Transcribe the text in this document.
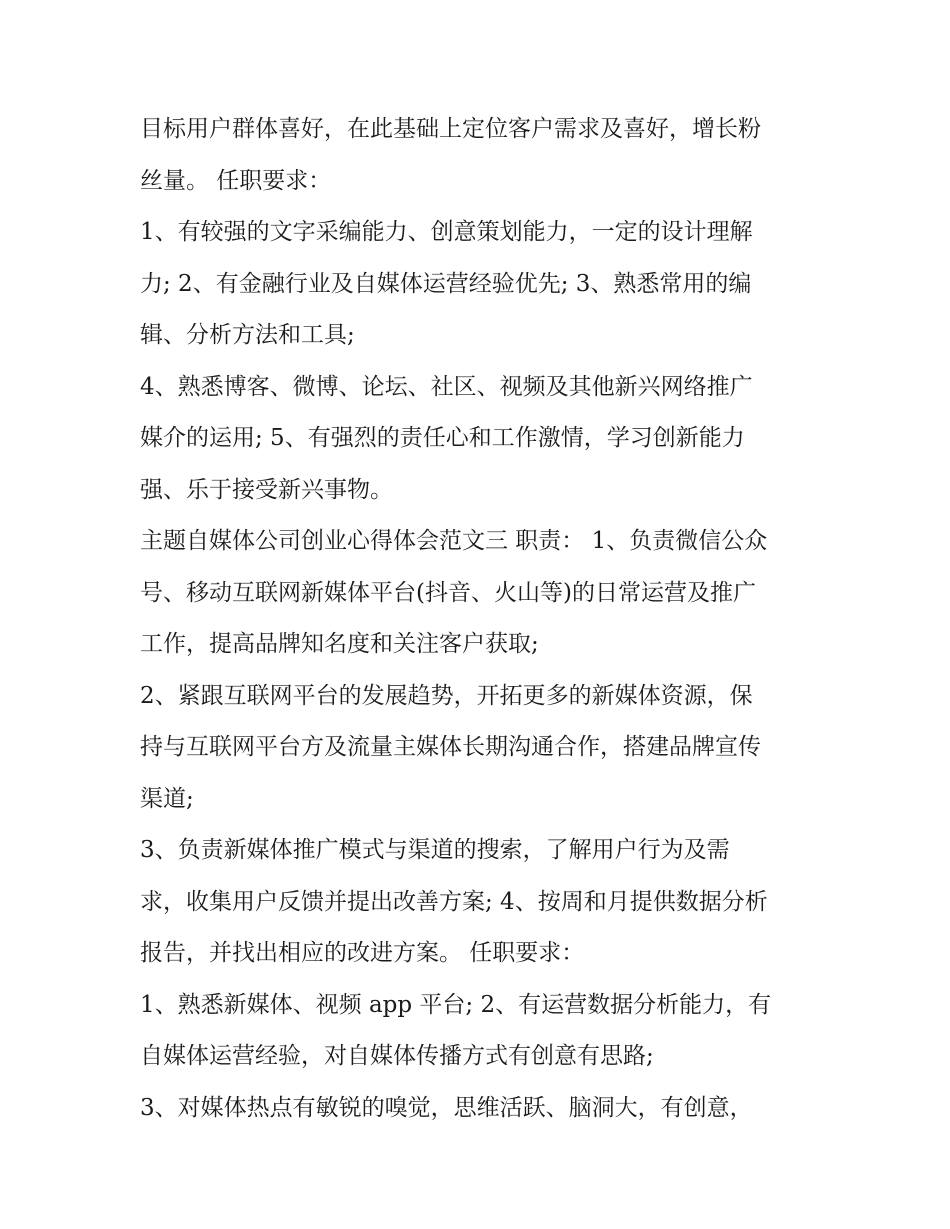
目标用户群体喜好，在此基础上定位客户需求及喜好，增长粉
丝量。 任职要求：
1、有较强的文字采编能力、创意策划能力，一定的设计理解
力; 2、有金融行业及自媒体运营经验优先; 3、熟悉常用的编
辑、分析方法和工具;
4、熟悉博客、微博、论坛、社区、视频及其他新兴网络推广
媒介的运用; 5、有强烈的责任心和工作激情，学习创新能力
强、乐于接受新兴事物。
主题自媒体公司创业心得体会范文三 职责： 1、负责微信公众
号、移动互联网新媒体平台(抖音、火山等)的日常运营及推广
工作，提高品牌知名度和关注客户获取;
2、紧跟互联网平台的发展趋势，开拓更多的新媒体资源，保
持与互联网平台方及流量主媒体长期沟通合作，搭建品牌宣传
渠道;
3、负责新媒体推广模式与渠道的搜索，了解用户行为及需
求，收集用户反馈并提出改善方案; 4、按周和月提供数据分析
报告，并找出相应的改进方案。 任职要求：
1、熟悉新媒体、视频 app 平台; 2、有运营数据分析能力，有
自媒体运营经验，对自媒体传播方式有创意有思路;
3、对媒体热点有敏锐的嗅觉，思维活跃、脑洞大，有创意，
